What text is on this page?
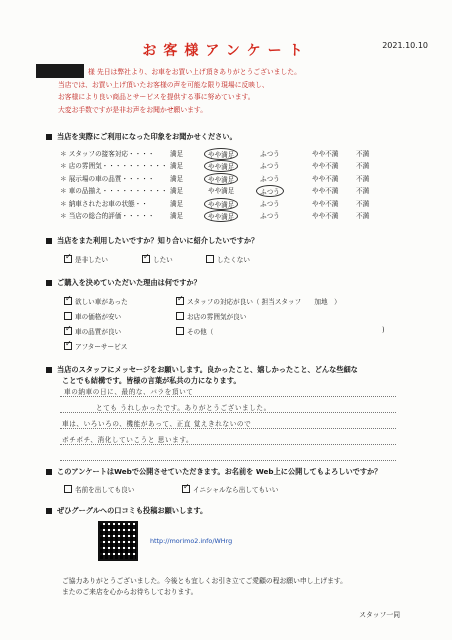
お客様アンケート	2021.10.10
様 先日は弊社より、お車をお買い上げ頂きありがとうございました。
当店では、お買い上げ頂いたお客様の声を可能な限り現場に反映し、
お客様により良い商品とサービスを提供する事に努めています。
大変お手数ですが是非お声をお聞かせ願います。
当店を実際にご利用になった印象をお聞かせください。
＊ スタッフの接客対応・・・・ 満足	やや満足	ふつう	やや不満	不満
＊ 店の雰囲気・・・・・・・・・・ 満足	やや満足	ふつう	やや不満	不満
＊ 展示場の車の品質・・・・・ 満足	やや満足	ふつう	やや不満	不満
＊ 車の品揃え・・・・・・・・・・ 満足	やや満足	ふつう	やや不満	不満
＊ 納車されたお車の状態・・	満足	やや満足	ふつう	やや不満	不満
＊ 当店の総合的評価・・・・・ 満足	やや満足	ふつう	やや不満	不満
当店をまた利用したいですか？知り合いに紹介したいですか？
✓是非したい ✓	したい	したくない
ご購入を決めていただいた理由は何ですか？
✓欲しい車があった ✓	スタッフの対応が良い（ 担当スタッフ　　加地　）
車の価格が安い	お店の雰囲気が良い
✓車の品質が良い	その他（	)
✓アフターサービス
当店のスタッフにメッセージをお願いします。良かったこと、嬉しかったこと、どんな些細な
ことでも結構です。皆様の言葉が私共の力になります。
車の納車の日に、最的な、バラを頂いて
とても うれしかったです。ありがとうございました。
車は、いろいろの、機能があって、正直 覚えきれないので
ボチボチ、消化していこうと 思います。
このアンケートはWebで公開させていただきます。お名前を Web上に公開してもよろしいですか？
名前を出しても良い ✓	イニシャルなら出してもいい
ぜひグーグルへの口コミも投稿お願いします。
http://morimo2.info/WHrg
ご協力ありがとうございました。今後とも宜しくお引き立てご愛顧の程お願い申し上げます。
またのご来店を心からお待ちしております。
スタッフ一同
